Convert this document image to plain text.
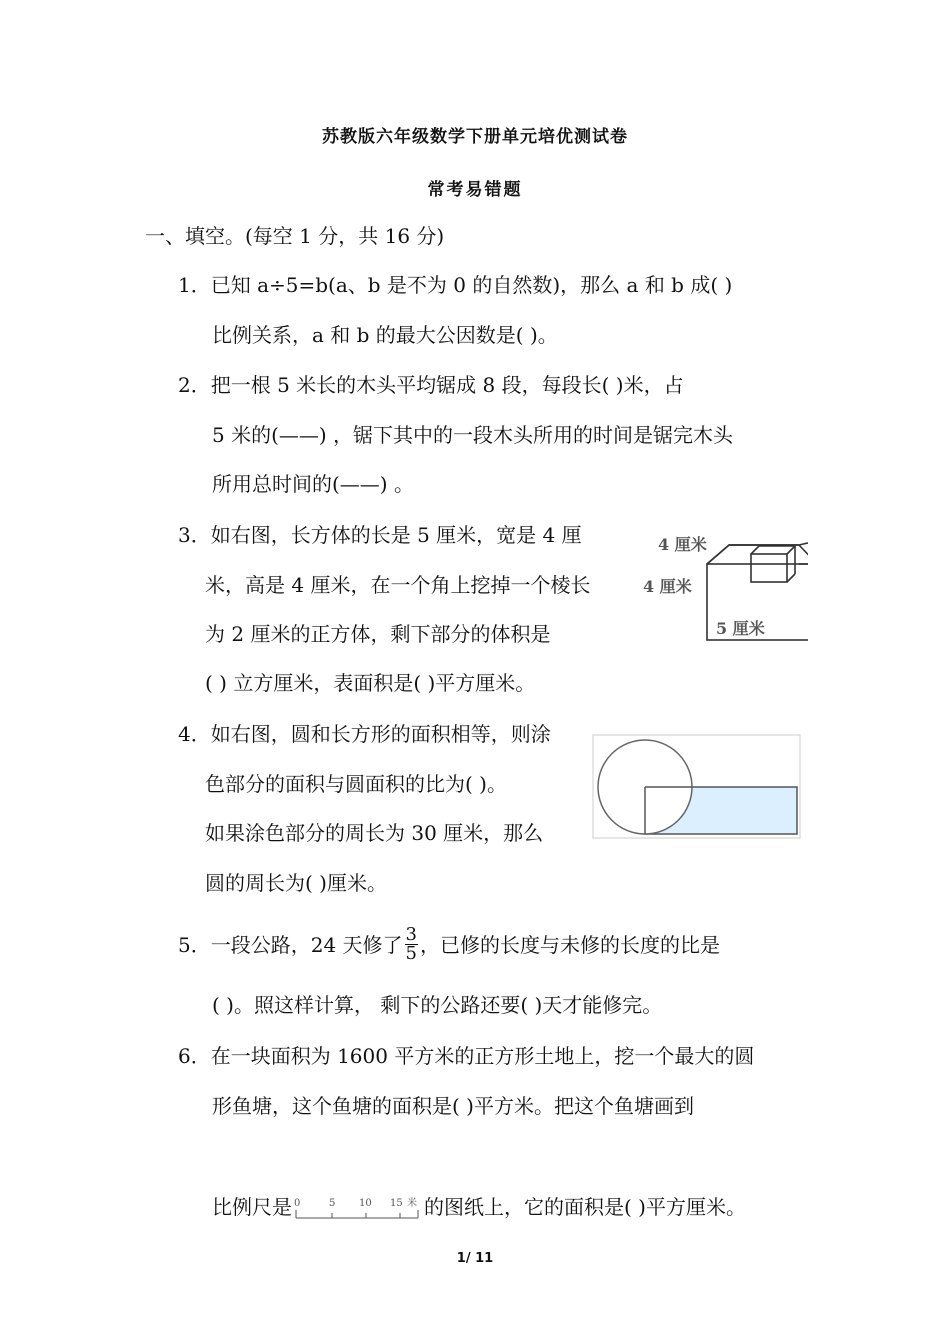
苏教版六年级数学下册单元培优测试卷
常考易错题
一、填空。(每空 1 分，共 16 分)
1．已知 a÷5=b(a、b 是不为 0 的自然数)，那么 a 和 b 成( )
比例关系，a 和 b 的最大公因数是( )。
2．把一根 5 米长的木头平均锯成 8 段，每段长( )米，占
5 米的(——) ，锯下其中的一段木头所用的时间是锯完木头
所用总时间的(——) 。
3．如右图，长方体的长是 5 厘米，宽是 4 厘
米，高是 4 厘米，在一个角上挖掉一个棱长
为 2 厘米的正方体，剩下部分的体积是
( ) 立方厘米，表面积是( )平方厘米。
4 厘米
4 厘米
5 厘米
4．如右图，圆和长方形的面积相等，则涂
色部分的面积与圆面积的比为( )。
如果涂色部分的周长为 30 厘米，那么
圆的周长为( )厘米。
5．一段公路，24 天修了 $\frac{3}{5}$ ，已修的长度与未修的长度的比是
( )。照这样计算， 剩下的公路还要( )天才能修完。
6．在一块面积为 1600 平方米的正方形土地上，挖一个最大的圆
形鱼塘，这个鱼塘的面积是( )平方米。把这个鱼塘画到
比例尺是 0	5 10 15 米 的图纸上，它的面积是( )平方厘米。
1/ 11
